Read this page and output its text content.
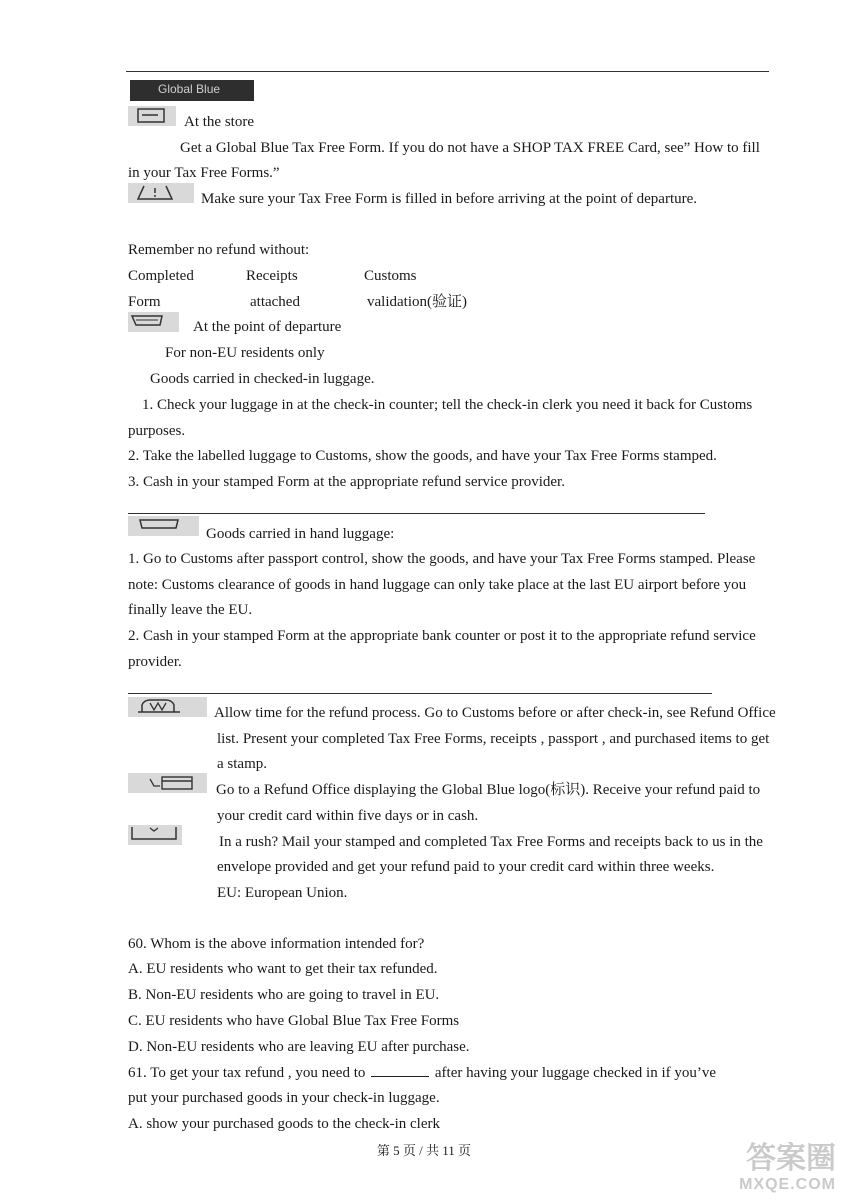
Global Blue
At the store
Get a Global Blue Tax Free Form. If you do not have a SHOP TAX FREE Card, see” How to fill
in your Tax Free Forms.”
Make sure your Tax Free Form is filled in before arriving at the point of departure.
Remember no refund without:
Completed	Receipts	Customs
Form	attached	validation(验证)
At the point of departure
For non-EU residents only
Goods carried in checked-in luggage.
1. Check your luggage in at the check-in counter; tell the check-in clerk you need it back for Customs
purposes.
2. Take the labelled luggage to Customs, show the goods, and have your Tax Free Forms stamped.
3. Cash in your stamped Form at the appropriate refund service provider.
Goods carried in hand luggage:
1. Go to Customs after passport control, show the goods, and have your Tax Free Forms stamped. Please
note: Customs clearance of goods in hand luggage can only take place at the last EU airport before you
finally leave the EU.
2. Cash in your stamped Form at the appropriate bank counter or post it to the appropriate refund service
provider.
Allow time for the refund process. Go to Customs before or after check-in, see Refund Office
list. Present your completed Tax Free Forms, receipts , passport , and purchased items to get
a stamp.
Go to a Refund Office displaying the Global Blue logo(标识). Receive your refund paid to
your credit card within five days or in cash.
In a rush? Mail your stamped and completed Tax Free Forms and receipts back to us in the
envelope provided and get your refund paid to your credit card within three weeks.
EU: European Union.
60. Whom is the above information intended for?
A. EU residents who want to get their tax refunded.
B. Non-EU residents who are going to travel in EU.
C. EU residents who have Global Blue Tax Free Forms
D. Non-EU residents who are leaving EU after purchase.
61. To get your tax refund , you need to	after having your luggage checked in if you’ve
put your purchased goods in your check-in luggage.
A. show your purchased goods to the check-in clerk
第 5 页 / 共 11 页	答案圈
MXQE.COM
